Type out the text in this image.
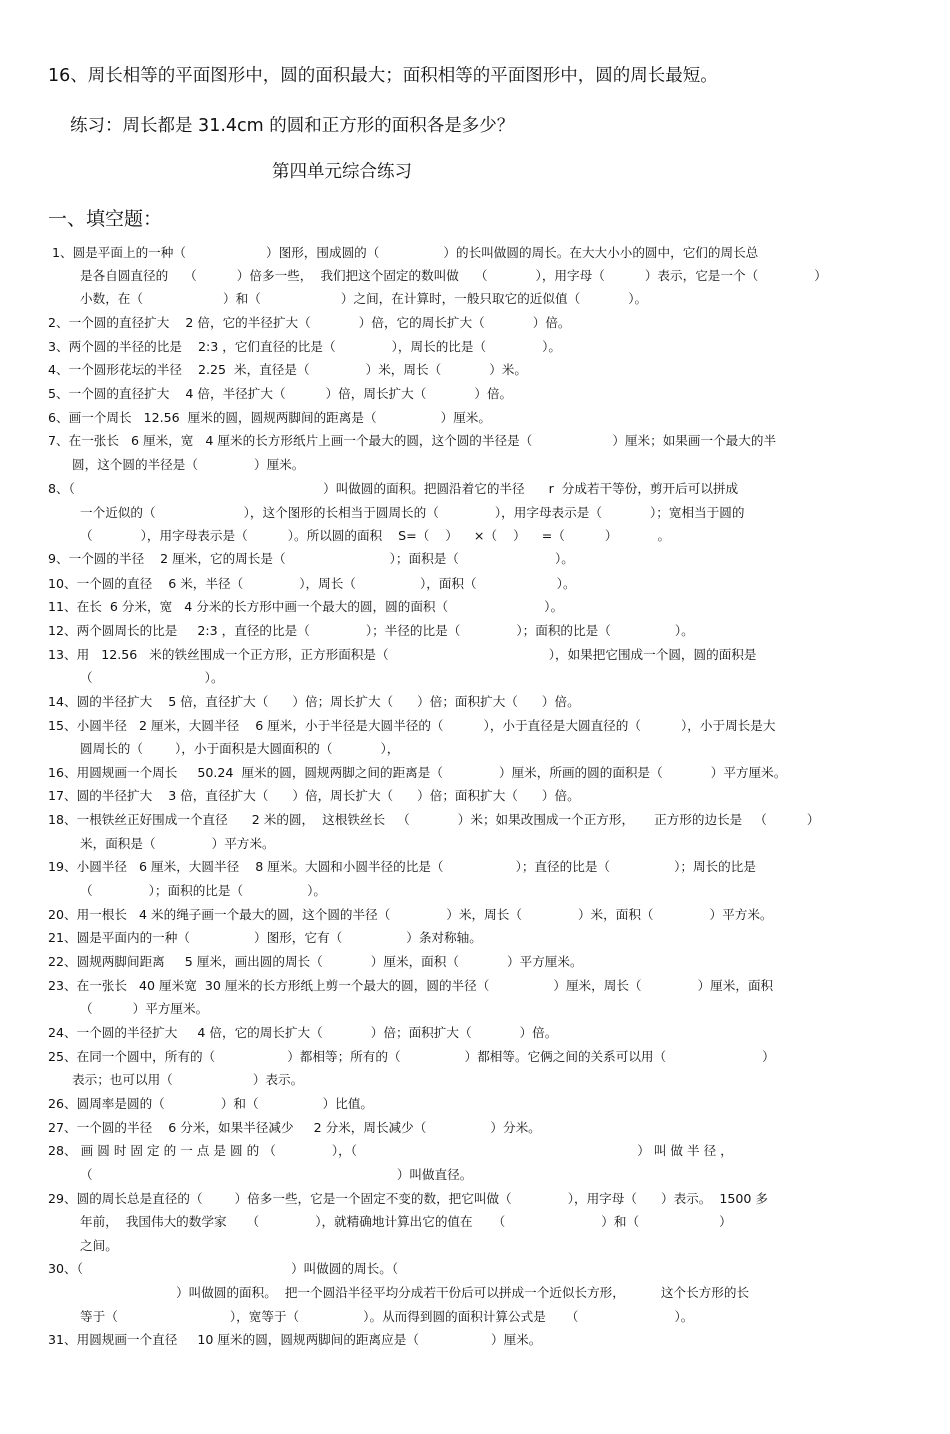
16、周长相等的平面图形中，圆的面积最大；面积相等的平面图形中，圆的周长最短。
练习：周长都是 31.4cm 的圆和正方形的面积各是多少？
第四单元综合练习
一、填空题：
1、圆是平面上的一种（                    ）图形，围成圆的（                ）的长叫做圆的周长。在大大小小的圆中，它们的周长总
是各自圆直径的    （          ）倍多一些，  我们把这个固定的数叫做    （            ），用字母（          ）表示，它是一个（              ）
小数，在（                    ）和（                    ）之间，在计算时，一般只取它的近似值（            ）。
2、一个圆的直径扩大    2 倍，它的半径扩大（            ）倍，它的周长扩大（            ）倍。
3、两个圆的半径的比是    2:3 ，它们直径的比是（              ），周长的比是（              ）。
4、一个圆形花坛的半径    2.25  米，直径是（              ）米，周长（            ）米。
5、一个圆的直径扩大    4 倍，半径扩大（          ）倍，周长扩大（            ）倍。
6、画一个周长   12.56  厘米的圆，圆规两脚间的距离是（                ）厘米。
7、在一张长   6 厘米，宽   4 厘米的长方形纸片上画一个最大的圆，这个圆的半径是（                    ）厘米；如果画一个最大的半
圆，这个圆的半径是（              ）厘米。
8、（                                                              ）叫做圆的面积。把圆沿着它的半径      r  分成若干等份，剪开后可以拼成
一个近似的（                      ），这个图形的长相当于圆周长的（              ），用字母表示是（            ）；宽相当于圆的
（            ），用字母表示是（          ）。所以圆的面积    S=（    ）    ×（    ）    =（          ）          。
9、一个圆的半径    2 厘米，它的周长是（                          ）；面积是（                        ）。
10、一个圆的直径    6 米，半径（              ），周长（                ），面积（                    ）。
11、在长  6 分米，宽   4 分米的长方形中画一个最大的圆，圆的面积（                        ）。
12、两个圆周长的比是     2:3 ，直径的比是（              ）；半径的比是（              ）；面积的比是（                ）。
13、用   12.56   米的铁丝围成一个正方形，正方形面积是（                                        ），如果把它围成一个圆，圆的面积是
（                            ）。
14、圆的半径扩大    5 倍，直径扩大（      ）倍；周长扩大（      ）倍；面积扩大（      ）倍。
15、小圆半径   2 厘米，大圆半径    6 厘米，小于半径是大圆半径的（          ），小于直径是大圆直径的（          ），小于周长是大
圆周长的（        ），小于面积是大圆面积的（            ），
16、用圆规画一个周长     50.24  厘米的圆，圆规两脚之间的距离是（              ）厘米，所画的圆的面积是（            ）平方厘米。
17、圆的半径扩大    3 倍，直径扩大（      ）倍，周长扩大（      ）倍；面积扩大（      ）倍。
18、一根铁丝正好围成一个直径      2 米的圆，  这根铁丝长   （            ）米；如果改围成一个正方形，     正方形的边长是   （          ）
米，面积是（              ）平方米。
19、小圆半径   6 厘米，大圆半径    8 厘米。大圆和小圆半径的比是（                  ）；直径的比是（                ）；周长的比是
（              ）；面积的比是（                ）。
20、用一根长   4 米的绳子画一个最大的圆，这个圆的半径（              ）米，周长（              ）米，面积（              ）平方米。
21、圆是平面内的一种（                ）图形，它有（                ）条对称轴。
22、圆规两脚间距离     5 厘米，画出圆的周长（            ）厘米，面积（            ）平方厘米。
23、在一张长   40 厘米宽  30 厘米的长方形纸上剪一个最大的圆，圆的半径（                ）厘米，周长（              ）厘米，面积
（          ）平方厘米。
24、一个圆的半径扩大     4 倍，它的周长扩大（            ）倍；面积扩大（            ）倍。
25、在同一个圆中，所有的（                  ）都相等；所有的（                ）都相等。它俩之间的关系可以用（                        ）
表示；也可以用（                    ）表示。
26、圆周率是圆的（              ）和（                ）比值。
27、一个圆的半径    6 分米，如果半径减少     2 分米，周长减少（                ）分米。
28、 画 圆 时 固 定 的 一 点 是 圆 的 （              ），（                                                                      ） 叫 做 半 径 ，
（                                                                            ）叫做直径。
29、圆的周长总是直径的（        ）倍多一些，它是一个固定不变的数，把它叫做（              ），用字母（      ）表示。  1500 多
年前，  我国伟大的数学家     （              ），就精确地计算出它的值在     （                        ）和（                    ）
之间。
30、（                                                    ）叫做圆的周长。（
）叫做圆的面积。  把一个圆沿半径平均分成若干份后可以拼成一个近似长方形，         这个长方形的长
等于（                            ），宽等于（                ）。从而得到圆的面积计算公式是     （                        ）。
31、用圆规画一个直径     10 厘米的圆，圆规两脚间的距离应是（                  ）厘米。
